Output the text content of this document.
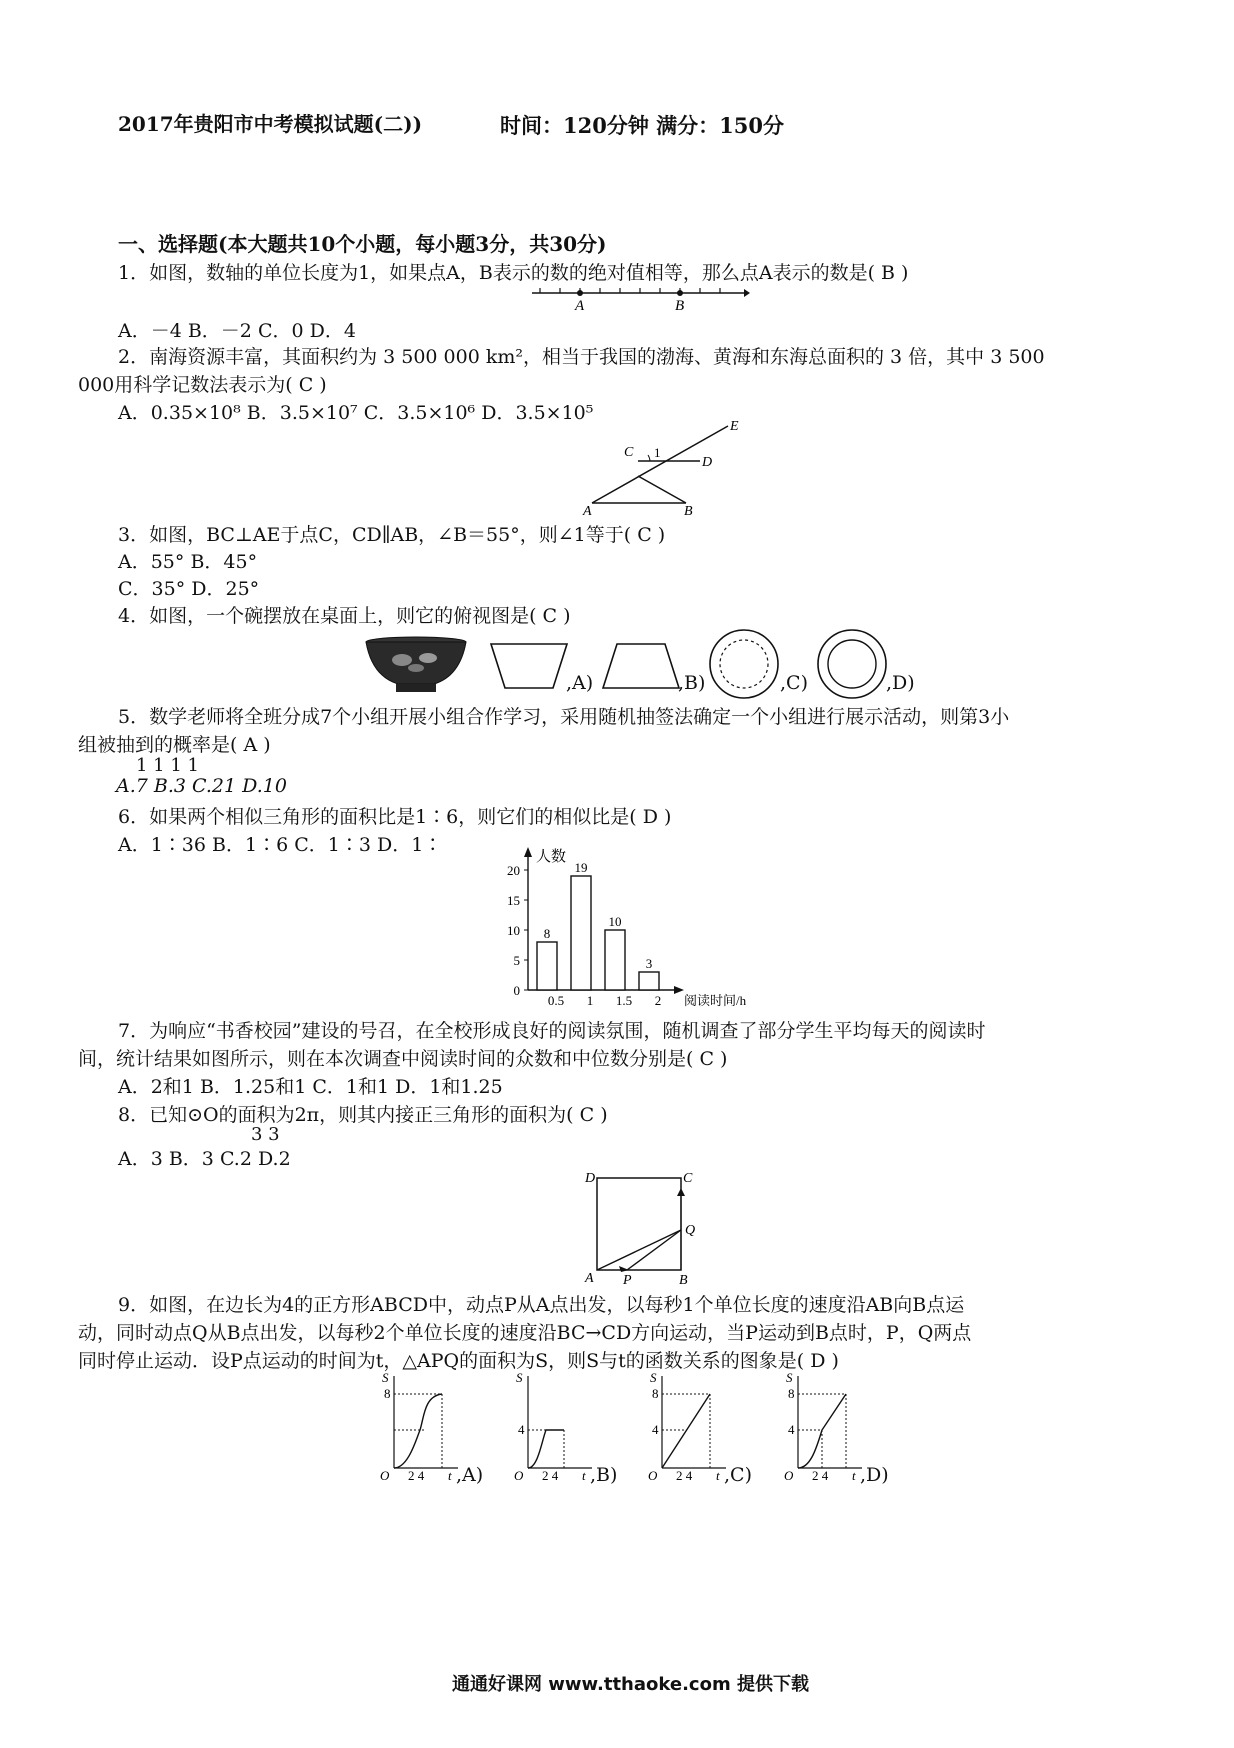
2017年贵阳市中考模拟试题(二))	时间：120分钟 满分：150分
一、选择题(本大题共10个小题，每小题3分，共30分)
1．如图，数轴的单位长度为1，如果点A，B表示的数的绝对值相等，那么点A表示的数是( B )
A	B
A．－4 B．－2 C．0 D．4
2．南海资源丰富，其面积约为 3 500 000 km²，相当于我国的渤海、黄海和东海总面积的 3 倍，其中 3 500
000用科学记数法表示为( C )
A．0.35×10⁸ B．3.5×10⁷ C．3.5×10⁶ D．3.5×10⁵
A	B
C
D
E
1
3．如图，BC⊥AE于点C，CD∥AB，∠B＝55°，则∠1等于( C )
A．55° B．45°
C．35° D．25°
4．如图，一个碗摆放在桌面上，则它的俯视图是( C )
,A)	,B)	,C)	,D)
5．数学老师将全班分成7个小组开展小组合作学习，采用随机抽签法确定一个小组进行展示活动，则第3小
组被抽到的概率是( A )
1 1 1 1
A.7 B.3 C.21 D.10
6．如果两个相似三角形的面积比是1∶6，则它们的相似比是( D )
A．1∶36 B．1∶6 C．1∶3 D．1∶
人数
阅读时间/h
0
5
10
15
20
8
0.5
19
1
10
1.5
3
2
7．为响应“书香校园”建设的号召，在全校形成良好的阅读氛围，随机调查了部分学生平均每天的阅读时
间，统计结果如图所示，则在本次调查中阅读时间的众数和中位数分别是( C )
A．2和1 B．1.25和1 C．1和1 D．1和1.25
8．已知⊙O的面积为2π，则其内接正三角形的面积为( C )
3 3
A．3 B．3 C.2 D.2
D	C
A	B
P
Q
9．如图，在边长为4的正方形ABCD中，动点P从A点出发，以每秒1个单位长度的速度沿AB向B点运
动，同时动点Q从B点出发，以每秒2个单位长度的速度沿BC→CD方向运动，当P运动到B点时，P，Q两点
同时停止运动．设P点运动的时间为t，△APQ的面积为S，则S与t的函数关系的图象是( D )
S
8
O 2 4 t ,A)
S
4
O 2 4 t ,B)
S
8
4
O 2 4 t ,C)
S
8
4
O 2 4 t ,D)
通通好课网 www.tthaoke.com 提供下载
